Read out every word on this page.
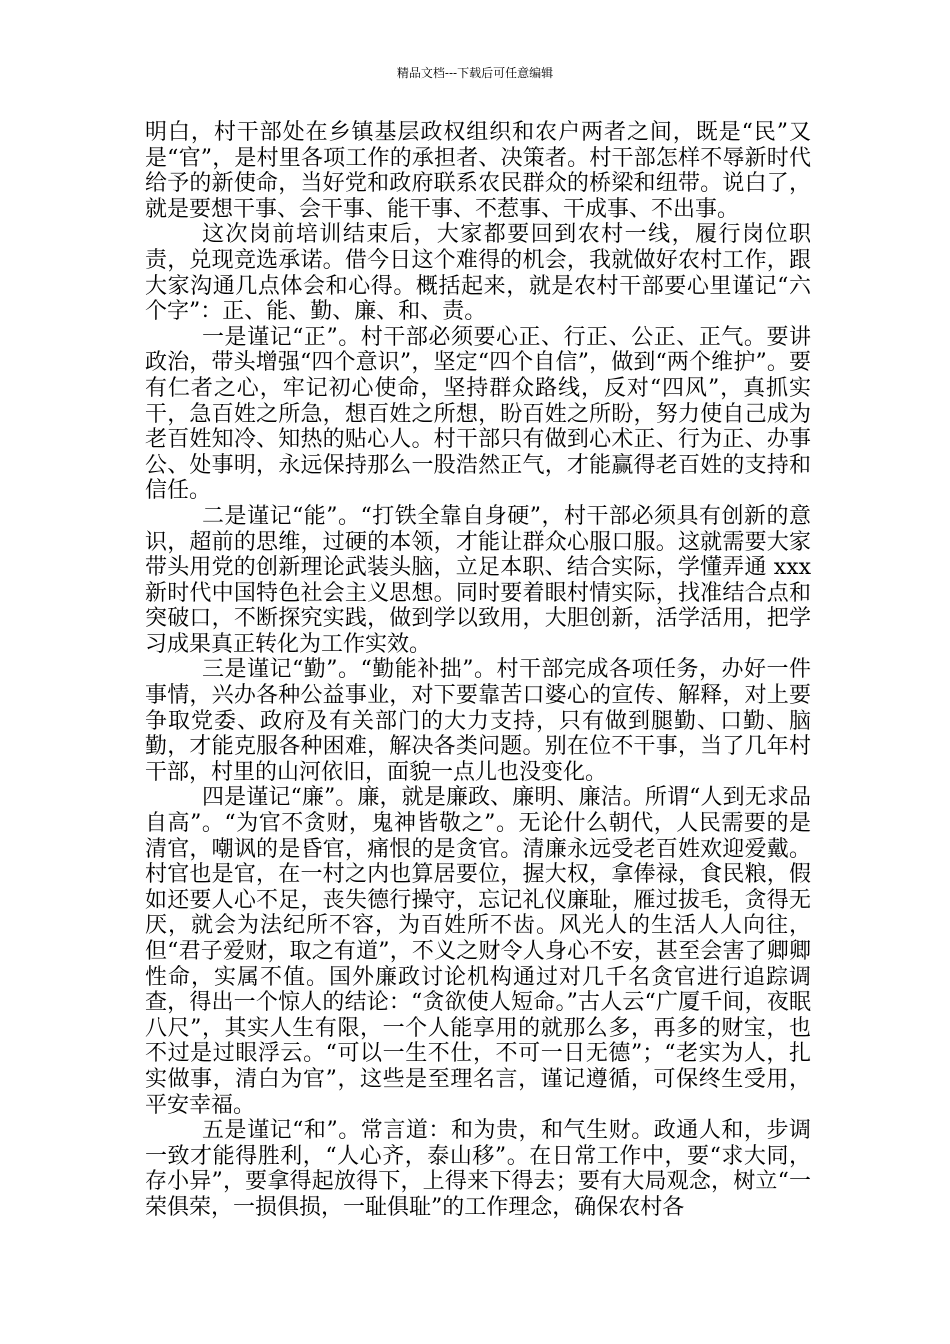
精品文档---下载后可任意编辑

明白，村干部处在乡镇基层政权组织和农户两者之间，既是“民”又是“官”，是村里各项工作的承担者、决策者。村干部怎样不辱新时代给予的新使命，当好党和政府联系农民群众的桥梁和纽带。说白了，就是要想干事、会干事、能干事、不惹事、干成事、不出事。

这次岗前培训结束后，大家都要回到农村一线，履行岗位职责，兑现竞选承诺。借今日这个难得的机会，我就做好农村工作，跟大家沟通几点体会和心得。概括起来，就是农村干部要心里谨记“六个字”：正、能、勤、廉、和、责。

一是谨记“正”。村干部必须要心正、行正、公正、正气。要讲政治，带头增强“四个意识”，坚定“四个自信”，做到“两个维护”。要有仁者之心，牢记初心使命，坚持群众路线，反对“四风”，真抓实干，急百姓之所急，想百姓之所想，盼百姓之所盼，努力使自己成为老百姓知冷、知热的贴心人。村干部只有做到心术正、行为正、办事公、处事明，永远保持那么一股浩然正气，才能赢得老百姓的支持和信任。

二是谨记“能”。“打铁全靠自身硬”，村干部必须具有创新的意识，超前的思维，过硬的本领，才能让群众心服口服。这就需要大家带头用党的创新理论武装头脑，立足本职、结合实际，学懂弄通 xxx 新时代中国特色社会主义思想。同时要着眼村情实际，找准结合点和突破口，不断探究实践，做到学以致用，大胆创新，活学活用，把学习成果真正转化为工作实效。

三是谨记“勤”。“勤能补拙”。村干部完成各项任务，办好一件事情，兴办各种公益事业，对下要靠苦口婆心的宣传、解释，对上要争取党委、政府及有关部门的大力支持，只有做到腿勤、口勤、脑勤，才能克服各种困难，解决各类问题。别在位不干事，当了几年村干部，村里的山河依旧，面貌一点儿也没变化。

四是谨记“廉”。廉，就是廉政、廉明、廉洁。所谓“人到无求品自高”。“为官不贪财，鬼神皆敬之”。无论什么朝代，人民需要的是清官，嘲讽的是昏官，痛恨的是贪官。清廉永远受老百姓欢迎爱戴。村官也是官，在一村之内也算居要位，握大权，拿俸禄，食民粮，假如还要人心不足，丧失德行操守，忘记礼仪廉耻，雁过拔毛，贪得无厌，就会为法纪所不容，为百姓所不齿。风光人的生活人人向往，但“君子爱财，取之有道”，不义之财令人身心不安，甚至会害了卿卿性命，实属不值。国外廉政讨论机构通过对几千名贪官进行追踪调查，得出一个惊人的结论：“贪欲使人短命。”古人云“广厦千间，夜眠八尺”，其实人生有限，一个人能享用的就那么多，再多的财宝，也不过是过眼浮云。“可以一生不仕，不可一日无德”；“老实为人，扎实做事，清白为官”，这些是至理名言，谨记遵循，可保终生受用，平安幸福。

五是谨记“和”。常言道：和为贵，和气生财。政通人和，步调一致才能得胜利，“人心齐，泰山移”。在日常工作中，要“求大同，存小异”，要拿得起放得下，上得来下得去；要有大局观念，树立“一荣俱荣，一损俱损，一耻俱耻”的工作理念，确保农村各
